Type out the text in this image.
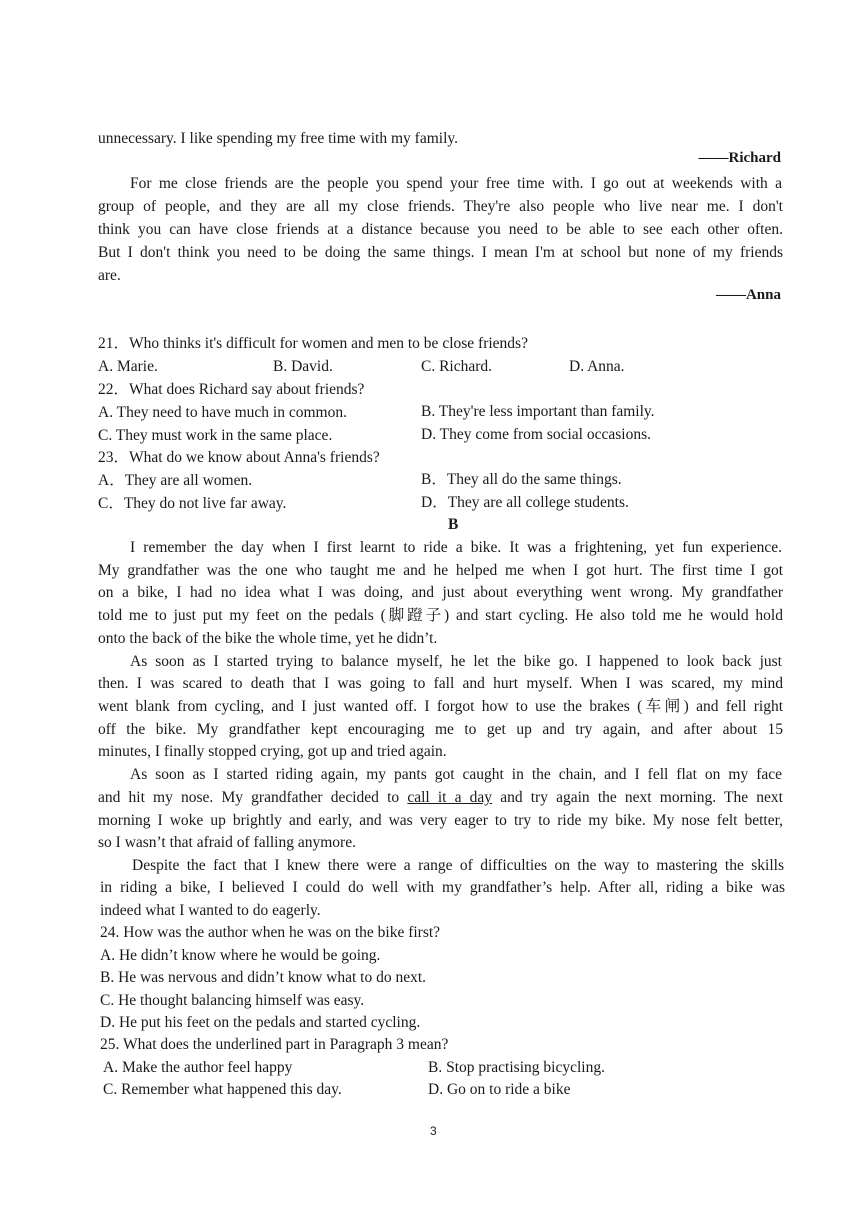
unnecessary. I like spending my free time with my family.
——Richard
For me close friends are the people you spend your free time with. I go out at weekends with a
group of people, and they are all my close friends. They're also people who live near me. I don't
think you can have close friends at a distance because you need to be able to see each other often.
But I don't think you need to be doing the same things. I mean I'm at school but none of my friends
are.
——Anna
21．Who thinks it's difficult for women and men to be close friends?
A. Marie.	B. David.	C. Richard.	D. Anna.
22．What does Richard say about friends?
A. They need to have much in common.	B. They're less important than family.
C. They must work in the same place.	D. They come from social occasions.
23．What do we know about Anna's friends?
A．They are all women.	B．They all do the same things.
C．They do not live far away.	D．They are all college students.
B
I remember the day when I first learnt to ride a bike. It was a frightening, yet fun experience.
My grandfather was the one who taught me and he helped me when I got hurt. The first time I got
on a bike, I had no idea what I was doing, and just about everything went wrong. My grandfather
told me to just put my feet on the pedals (脚蹬子) and start cycling. He also told me he would hold
onto the back of the bike the whole time, yet he didn’t.
As soon as I started trying to balance myself, he let the bike go. I happened to look back just
then. I was scared to death that I was going to fall and hurt myself. When I was scared, my mind
went blank from cycling, and I just wanted off. I forgot how to use the brakes (车闸) and fell right
off the bike. My grandfather kept encouraging me to get up and try again, and after about 15
minutes, I finally stopped crying, got up and tried again.
As soon as I started riding again, my pants got caught in the chain, and I fell flat on my face
and hit my nose. My grandfather decided to call it a day and try again the next morning. The next
morning I woke up brightly and early, and was very eager to try to ride my bike. My nose felt better,
so I wasn’t that afraid of falling anymore.
Despite the fact that I knew there were a range of difficulties on the way to mastering the skills
in riding a bike, I believed I could do well with my grandfather’s help. After all, riding a bike was
indeed what I wanted to do eagerly.
24. How was the author when he was on the bike first?
A. He didn’t know where he would be going.
B. He was nervous and didn’t know what to do next.
C. He thought balancing himself was easy.
D. He put his feet on the pedals and started cycling.
25. What does the underlined part in Paragraph 3 mean?
A. Make the author feel happy	B. Stop practising bicycling.
C. Remember what happened this day.	D. Go on to ride a bike
3
